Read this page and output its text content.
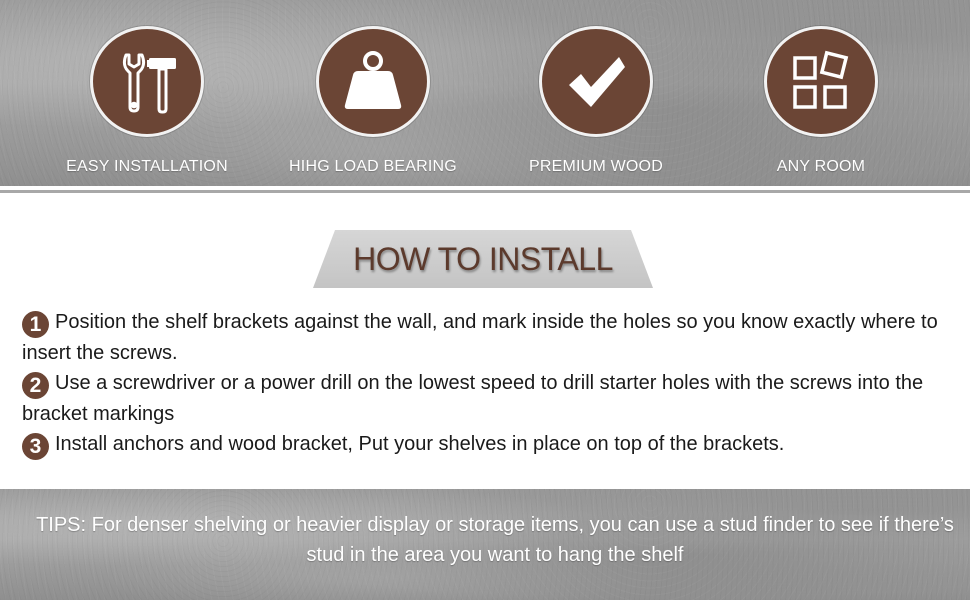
EASY INSTALLATION	HIHG LOAD BEARING	PREMIUM WOOD	ANY ROOM
HOW TO INSTALL

1 Position the shelf brackets against the wall, and mark inside the holes so you know exactly where to insert the screws.

2 Use a screwdriver or a power drill on the lowest speed to drill starter holes with the screws into the bracket markings

3 Install anchors and wood bracket, Put your shelves in place on top of the brackets.

TIPS: For denser shelving or heavier display or storage items, you can use a stud finder to see if there’s stud in the area you want to hang the shelf
